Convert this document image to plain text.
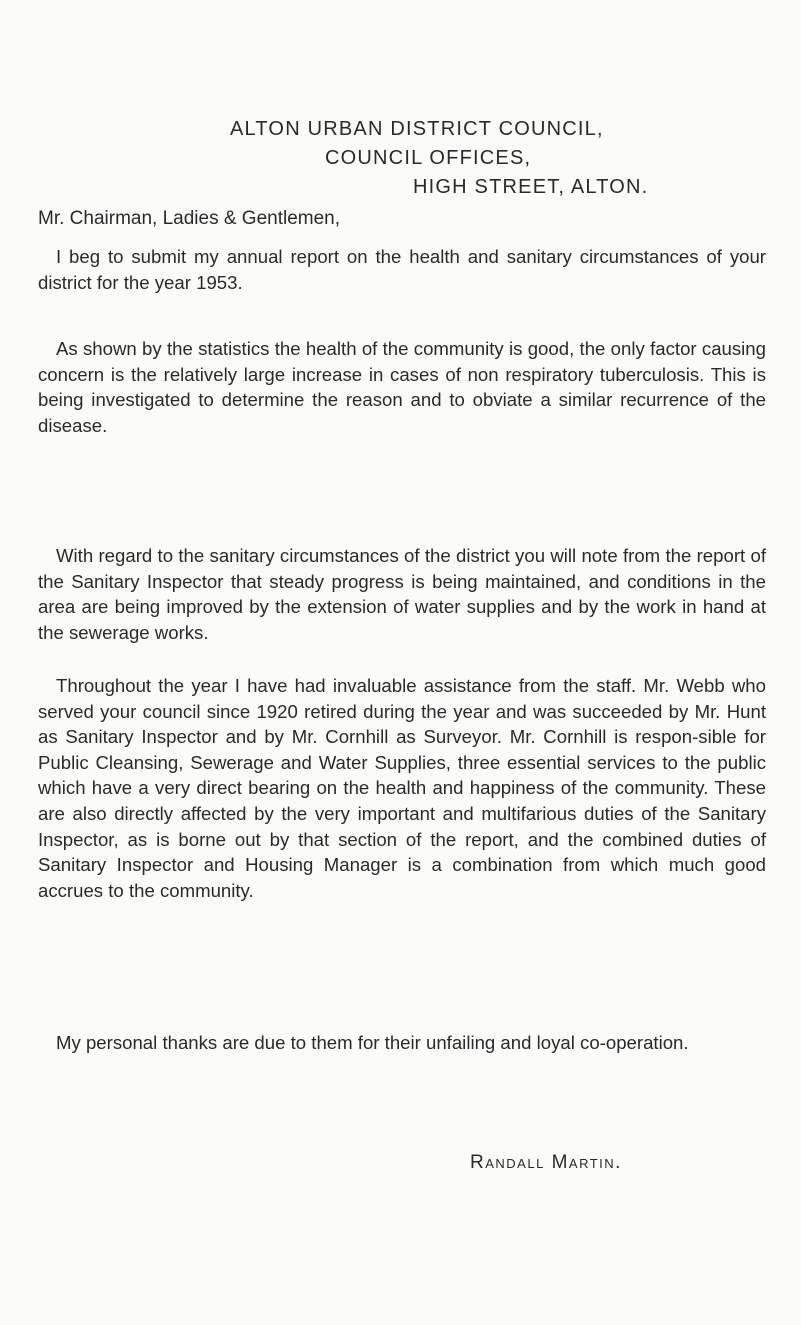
ALTON URBAN DISTRICT COUNCIL,
COUNCIL OFFICES,
HIGH STREET, ALTON.
Mr. Chairman, Ladies & Gentlemen,

I beg to submit my annual report on the health and sanitary circumstances of your district for the year 1953.

As shown by the statistics the health of the community is good, the only factor causing concern is the relatively large increase in cases of non respiratory tuberculosis. This is being investigated to determine the reason and to obviate a similar recurrence of the disease.

With regard to the sanitary circumstances of the district you will note from the report of the Sanitary Inspector that steady progress is being maintained, and conditions in the area are being improved by the extension of water supplies and by the work in hand at the sewerage works.

Throughout the year I have had invaluable assistance from the staff. Mr. Webb who served your council since 1920 retired during the year and was succeeded by Mr. Hunt as Sanitary Inspector and by Mr. Cornhill as Surveyor. Mr. Cornhill is respon-sible for Public Cleansing, Sewerage and Water Supplies, three essential services to the public which have a very direct bearing on the health and happiness of the community. These are also directly affected by the very important and multifarious duties of the Sanitary Inspector, as is borne out by that section of the report, and the combined duties of Sanitary Inspector and Housing Manager is a combination from which much good accrues to the community.

My personal thanks are due to them for their unfailing and loyal co-operation.

Randall Martin.
